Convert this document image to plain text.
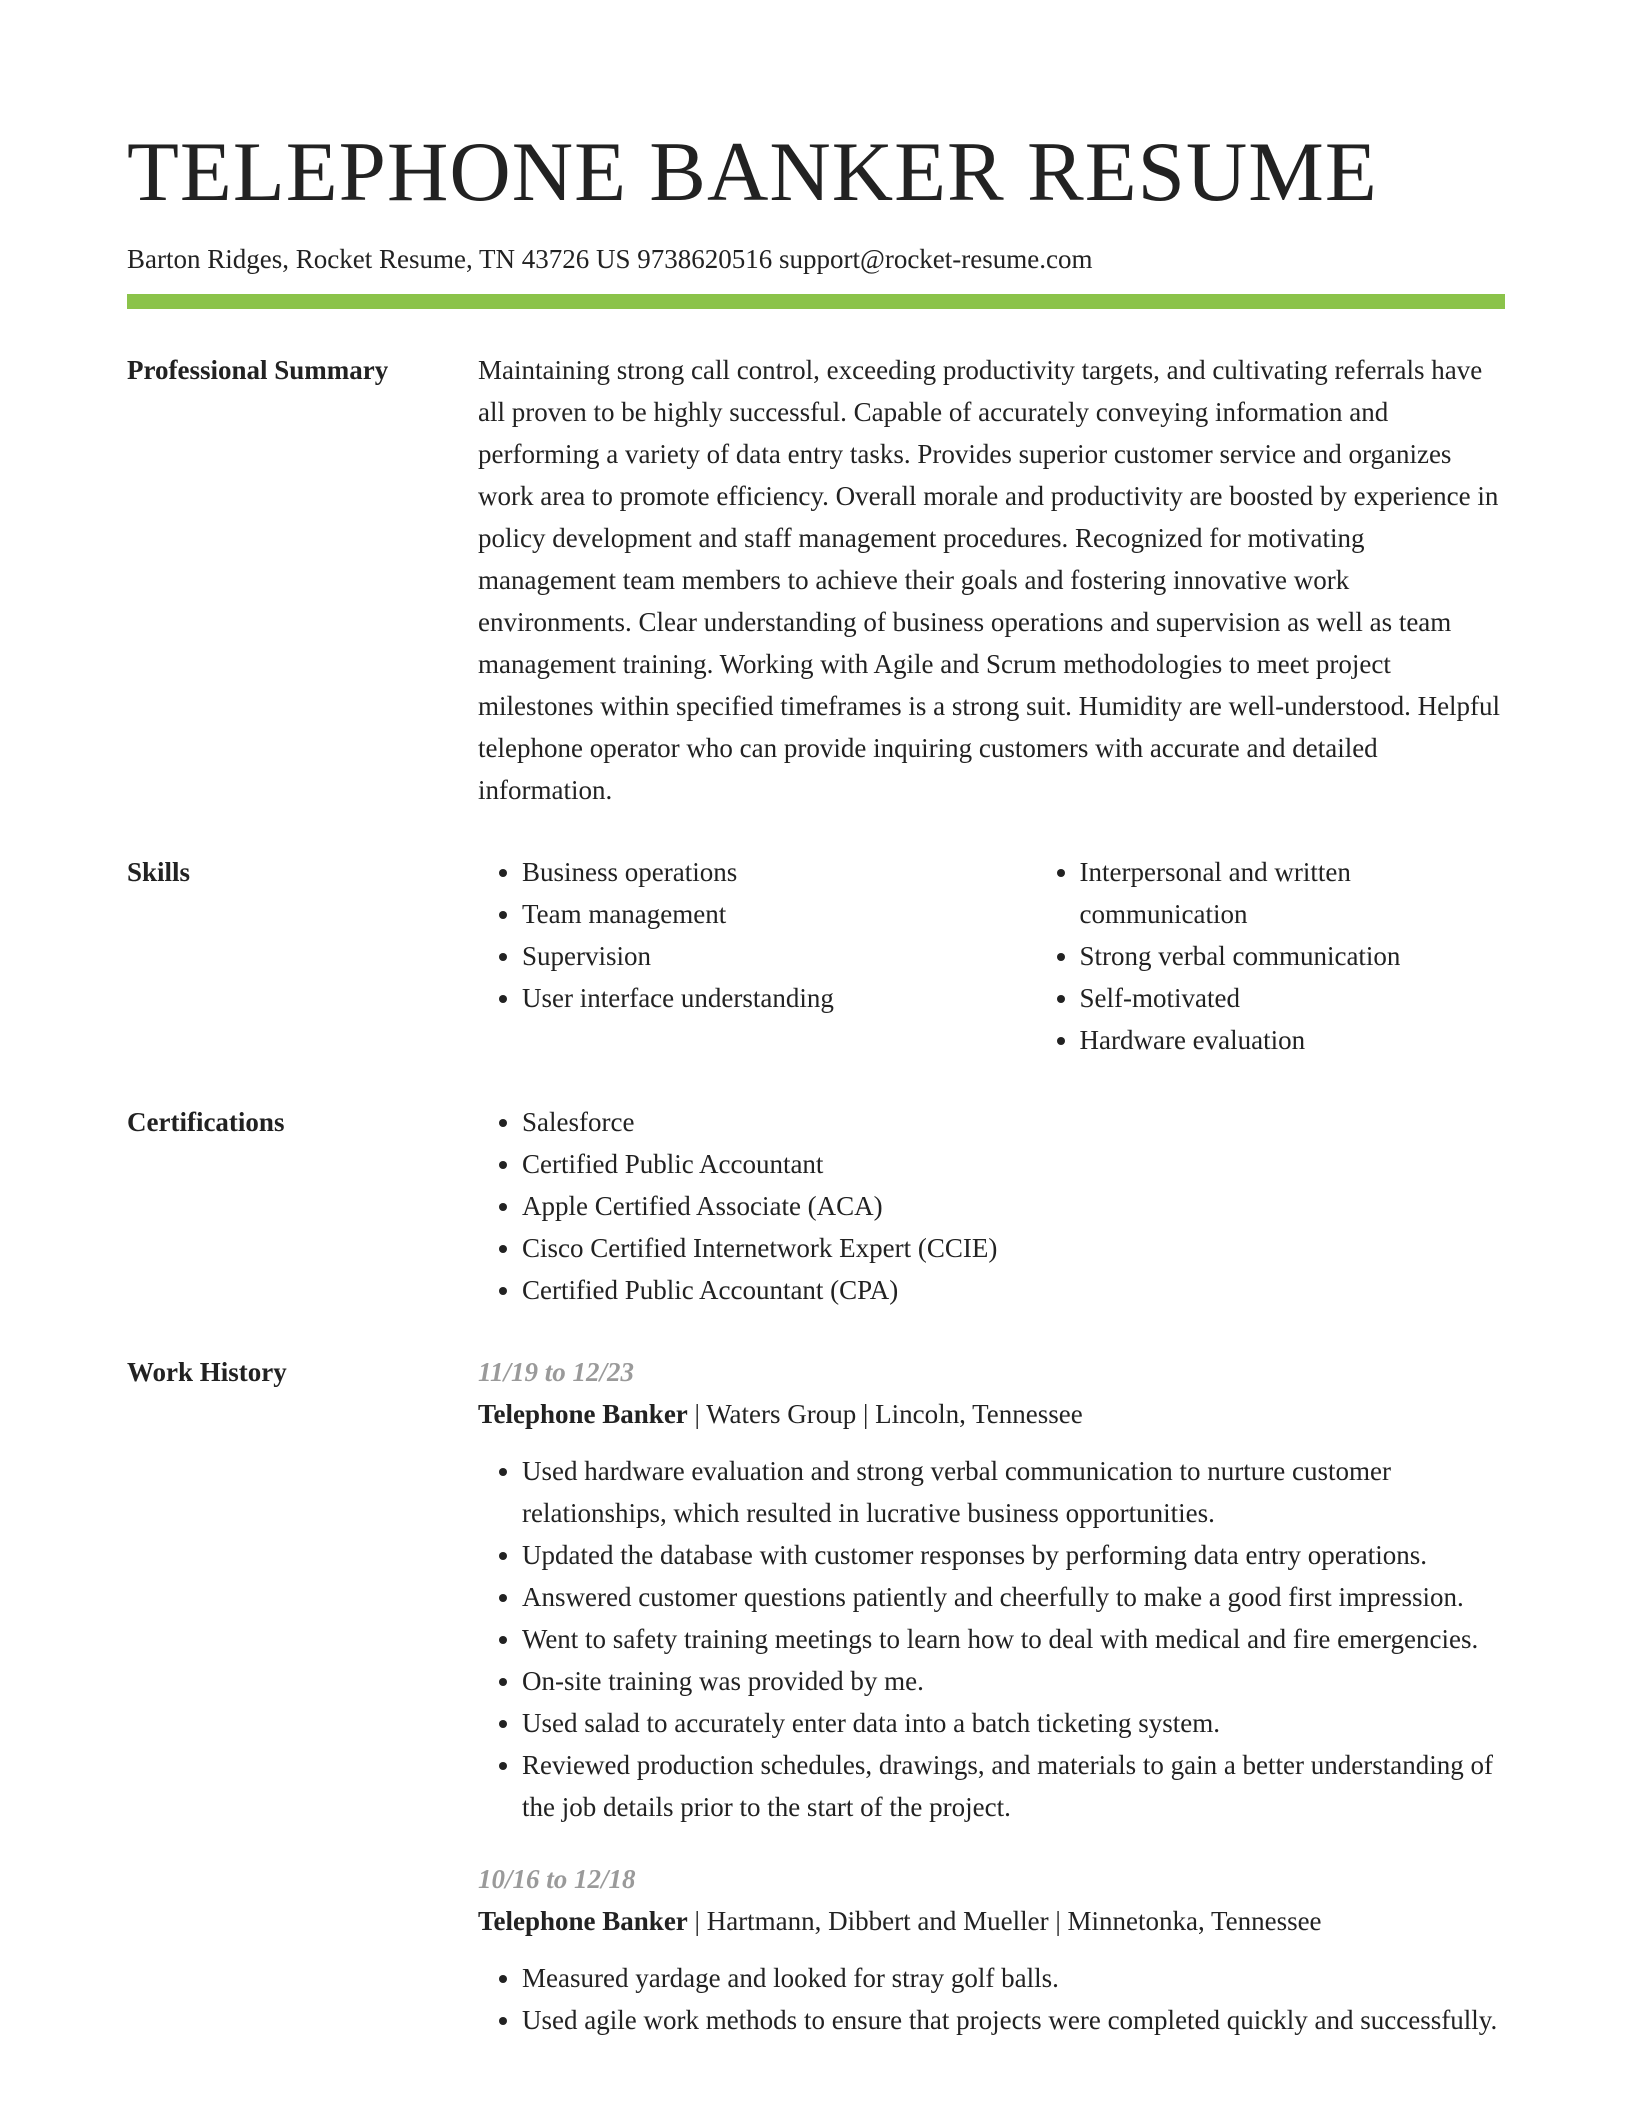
TELEPHONE BANKER RESUME
Barton Ridges, Rocket Resume, TN 43726 US 9738620516 support@rocket-resume.com
Professional Summary	Maintaining strong call control, exceeding productivity targets, and cultivating referrals have all proven to be highly successful. Capable of accurately conveying information and performing a variety of data entry tasks. Provides superior customer service and organizes work area to promote efficiency. Overall morale and productivity are boosted by experience in policy development and staff management procedures. Recognized for motivating management team members to achieve their goals and fostering innovative work environments. Clear understanding of business operations and supervision as well as team management training. Working with Agile and Scrum methodologies to meet project milestones within specified timeframes is a strong suit. Humidity are well-understood. Helpful telephone operator who can provide inquiring customers with accurate and detailed information.

Skills	• Business operations
• Team management
• Supervision
• User interface understanding
• Interpersonal and written communication
• Strong verbal communication
• Self-motivated
• Hardware evaluation
Certifications	• Salesforce
• Certified Public Accountant
• Apple Certified Associate (ACA)
• Cisco Certified Internetwork Expert (CCIE)
• Certified Public Accountant (CPA)
Work History	11/19 to 12/23
Telephone Banker | Waters Group | Lincoln, Tennessee
• Used hardware evaluation and strong verbal communication to nurture customer relationships, which resulted in lucrative business opportunities.
• Updated the database with customer responses by performing data entry operations.
• Answered customer questions patiently and cheerfully to make a good first impression.
• Went to safety training meetings to learn how to deal with medical and fire emergencies.
• On-site training was provided by me.
• Used salad to accurately enter data into a batch ticketing system.
• Reviewed production schedules, drawings, and materials to gain a better understanding of the job details prior to the start of the project.
10/16 to 12/18
Telephone Banker | Hartmann, Dibbert and Mueller | Minnetonka, Tennessee
• Measured yardage and looked for stray golf balls.
• Used agile work methods to ensure that projects were completed quickly and successfully.
